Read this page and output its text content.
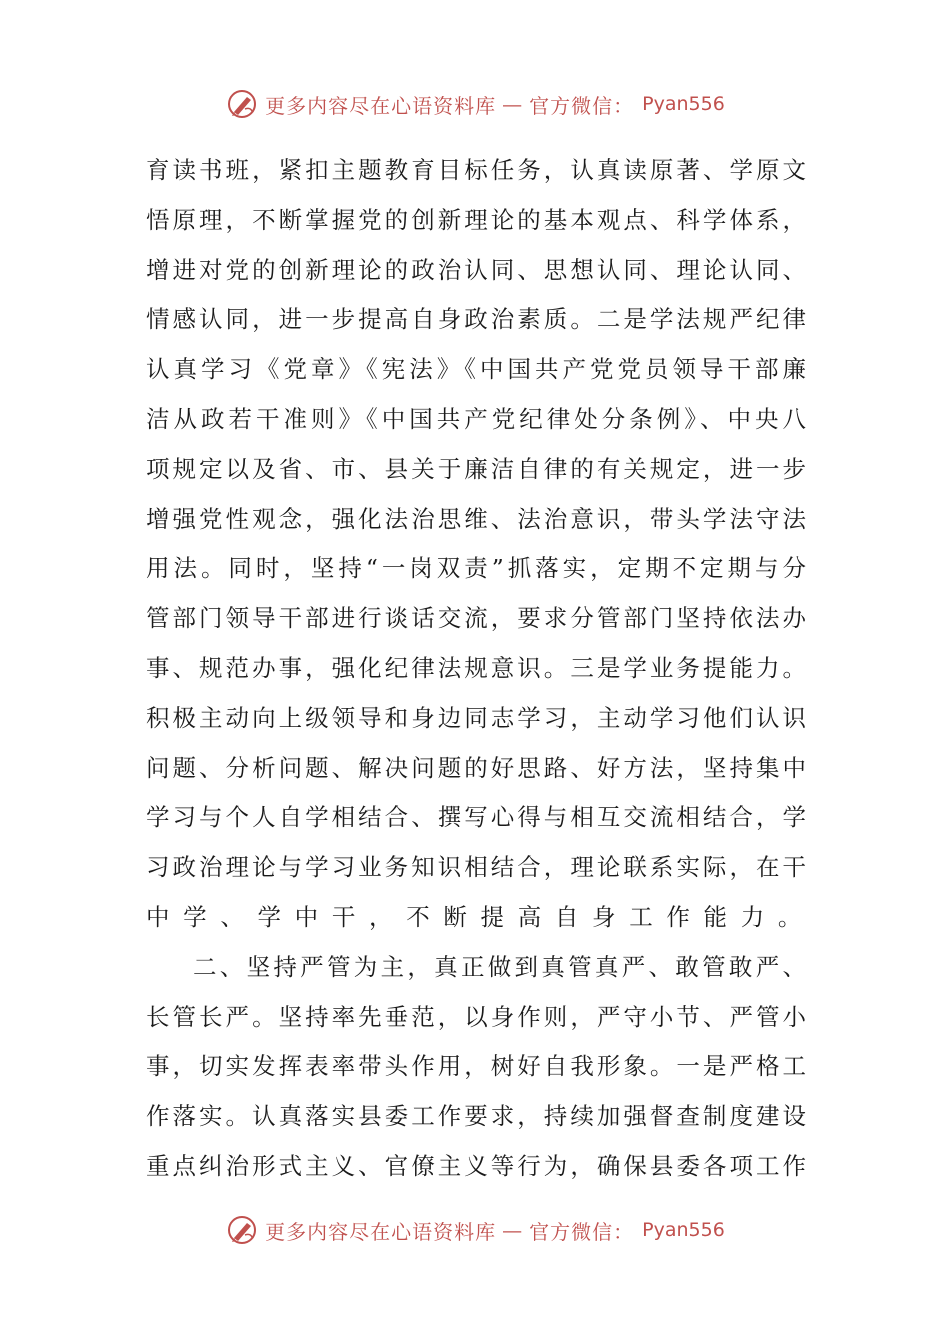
更多内容尽在心语资料库 — 官方微信： Pyan556

育读书班，紧扣主题教育目标任务，认真读原著、学原文
悟原理，不断掌握党的创新理论的基本观点、科学体系，
增进对党的创新理论的政治认同、思想认同、理论认同、
情感认同，进一步提高自身政治素质。二是学法规严纪律
认真学习《党章》《宪法》《中国共产党党员领导干部廉
洁从政若干准则》《中国共产党纪律处分条例》、中央八
项规定以及省、市、县关于廉洁自律的有关规定，进一步
增强党性观念，强化法治思维、法治意识，带头学法守法
用法。同时，坚持“一岗双责”抓落实，定期不定期与分
管部门领导干部进行谈话交流，要求分管部门坚持依法办
事、规范办事，强化纪律法规意识。三是学业务提能力。
积极主动向上级领导和身边同志学习，主动学习他们认识
问题、分析问题、解决问题的好思路、好方法，坚持集中
学习与个人自学相结合、撰写心得与相互交流相结合，学
习政治理论与学习业务知识相结合，理论联系实际，在干
中学、学中干，不断提高自身工作能力。

二、坚持严管为主，真正做到真管真严、敢管敢严、
长管长严。坚持率先垂范，以身作则，严守小节、严管小
事，切实发挥表率带头作用，树好自我形象。一是严格工
作落实。认真落实县委工作要求，持续加强督查制度建设
重点纠治形式主义、官僚主义等行为，确保县委各项工作

更多内容尽在心语资料库 — 官方微信： Pyan556
